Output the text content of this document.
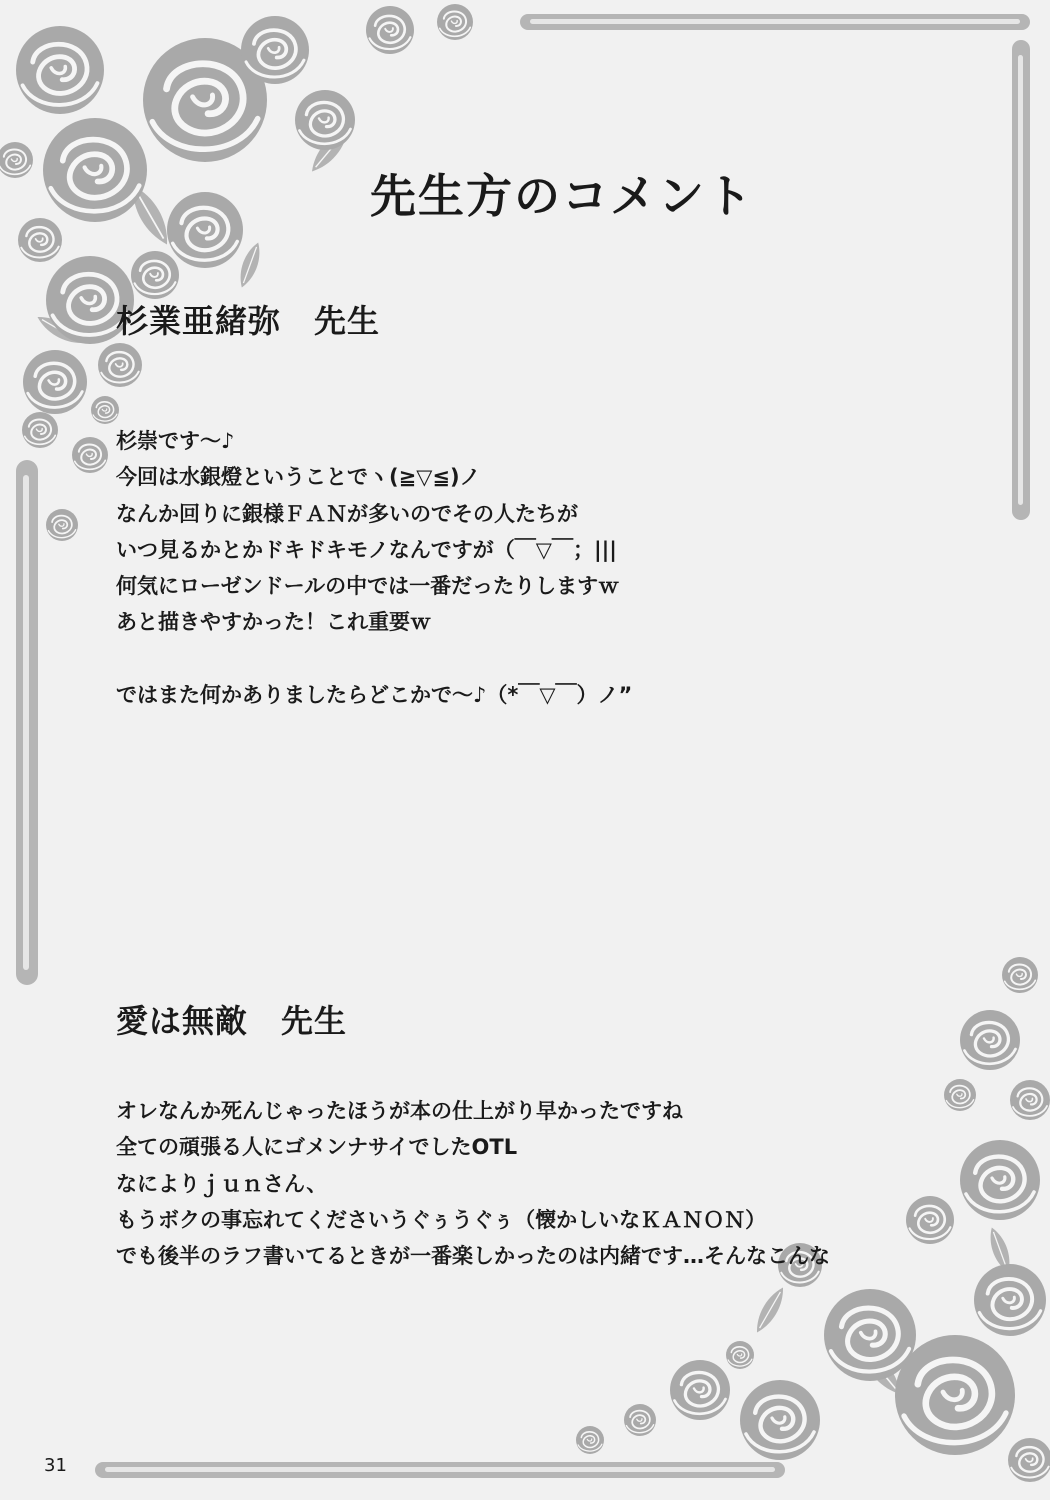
先生方のコメント
杉業亜緒弥　先生
杉崇です～♪
今回は水銀燈ということでヽ(≧▽≦)ノ
なんか回りに銀様ＦＡＮが多いのでその人たちが
いつ見るかとかドキドキモノなんですが（￣▽￣；|||
何気にローゼンドールの中では一番だったりしますｗ
あと描きやすかった！これ重要ｗ
ではまた何かありましたらどこかで～♪（*￣▽￣）ノ”
愛は無敵　先生
オレなんか死んじゃったほうが本の仕上がり早かったですね
全ての頑張る人にゴメンナサイでしたOTL
なによりｊｕｎさん、
もうボクの事忘れてくださいうぐぅうぐぅ（懐かしいなＫＡＮＯＮ）
でも後半のラフ書いてるときが一番楽しかったのは内緒です…そんなこんな
31
